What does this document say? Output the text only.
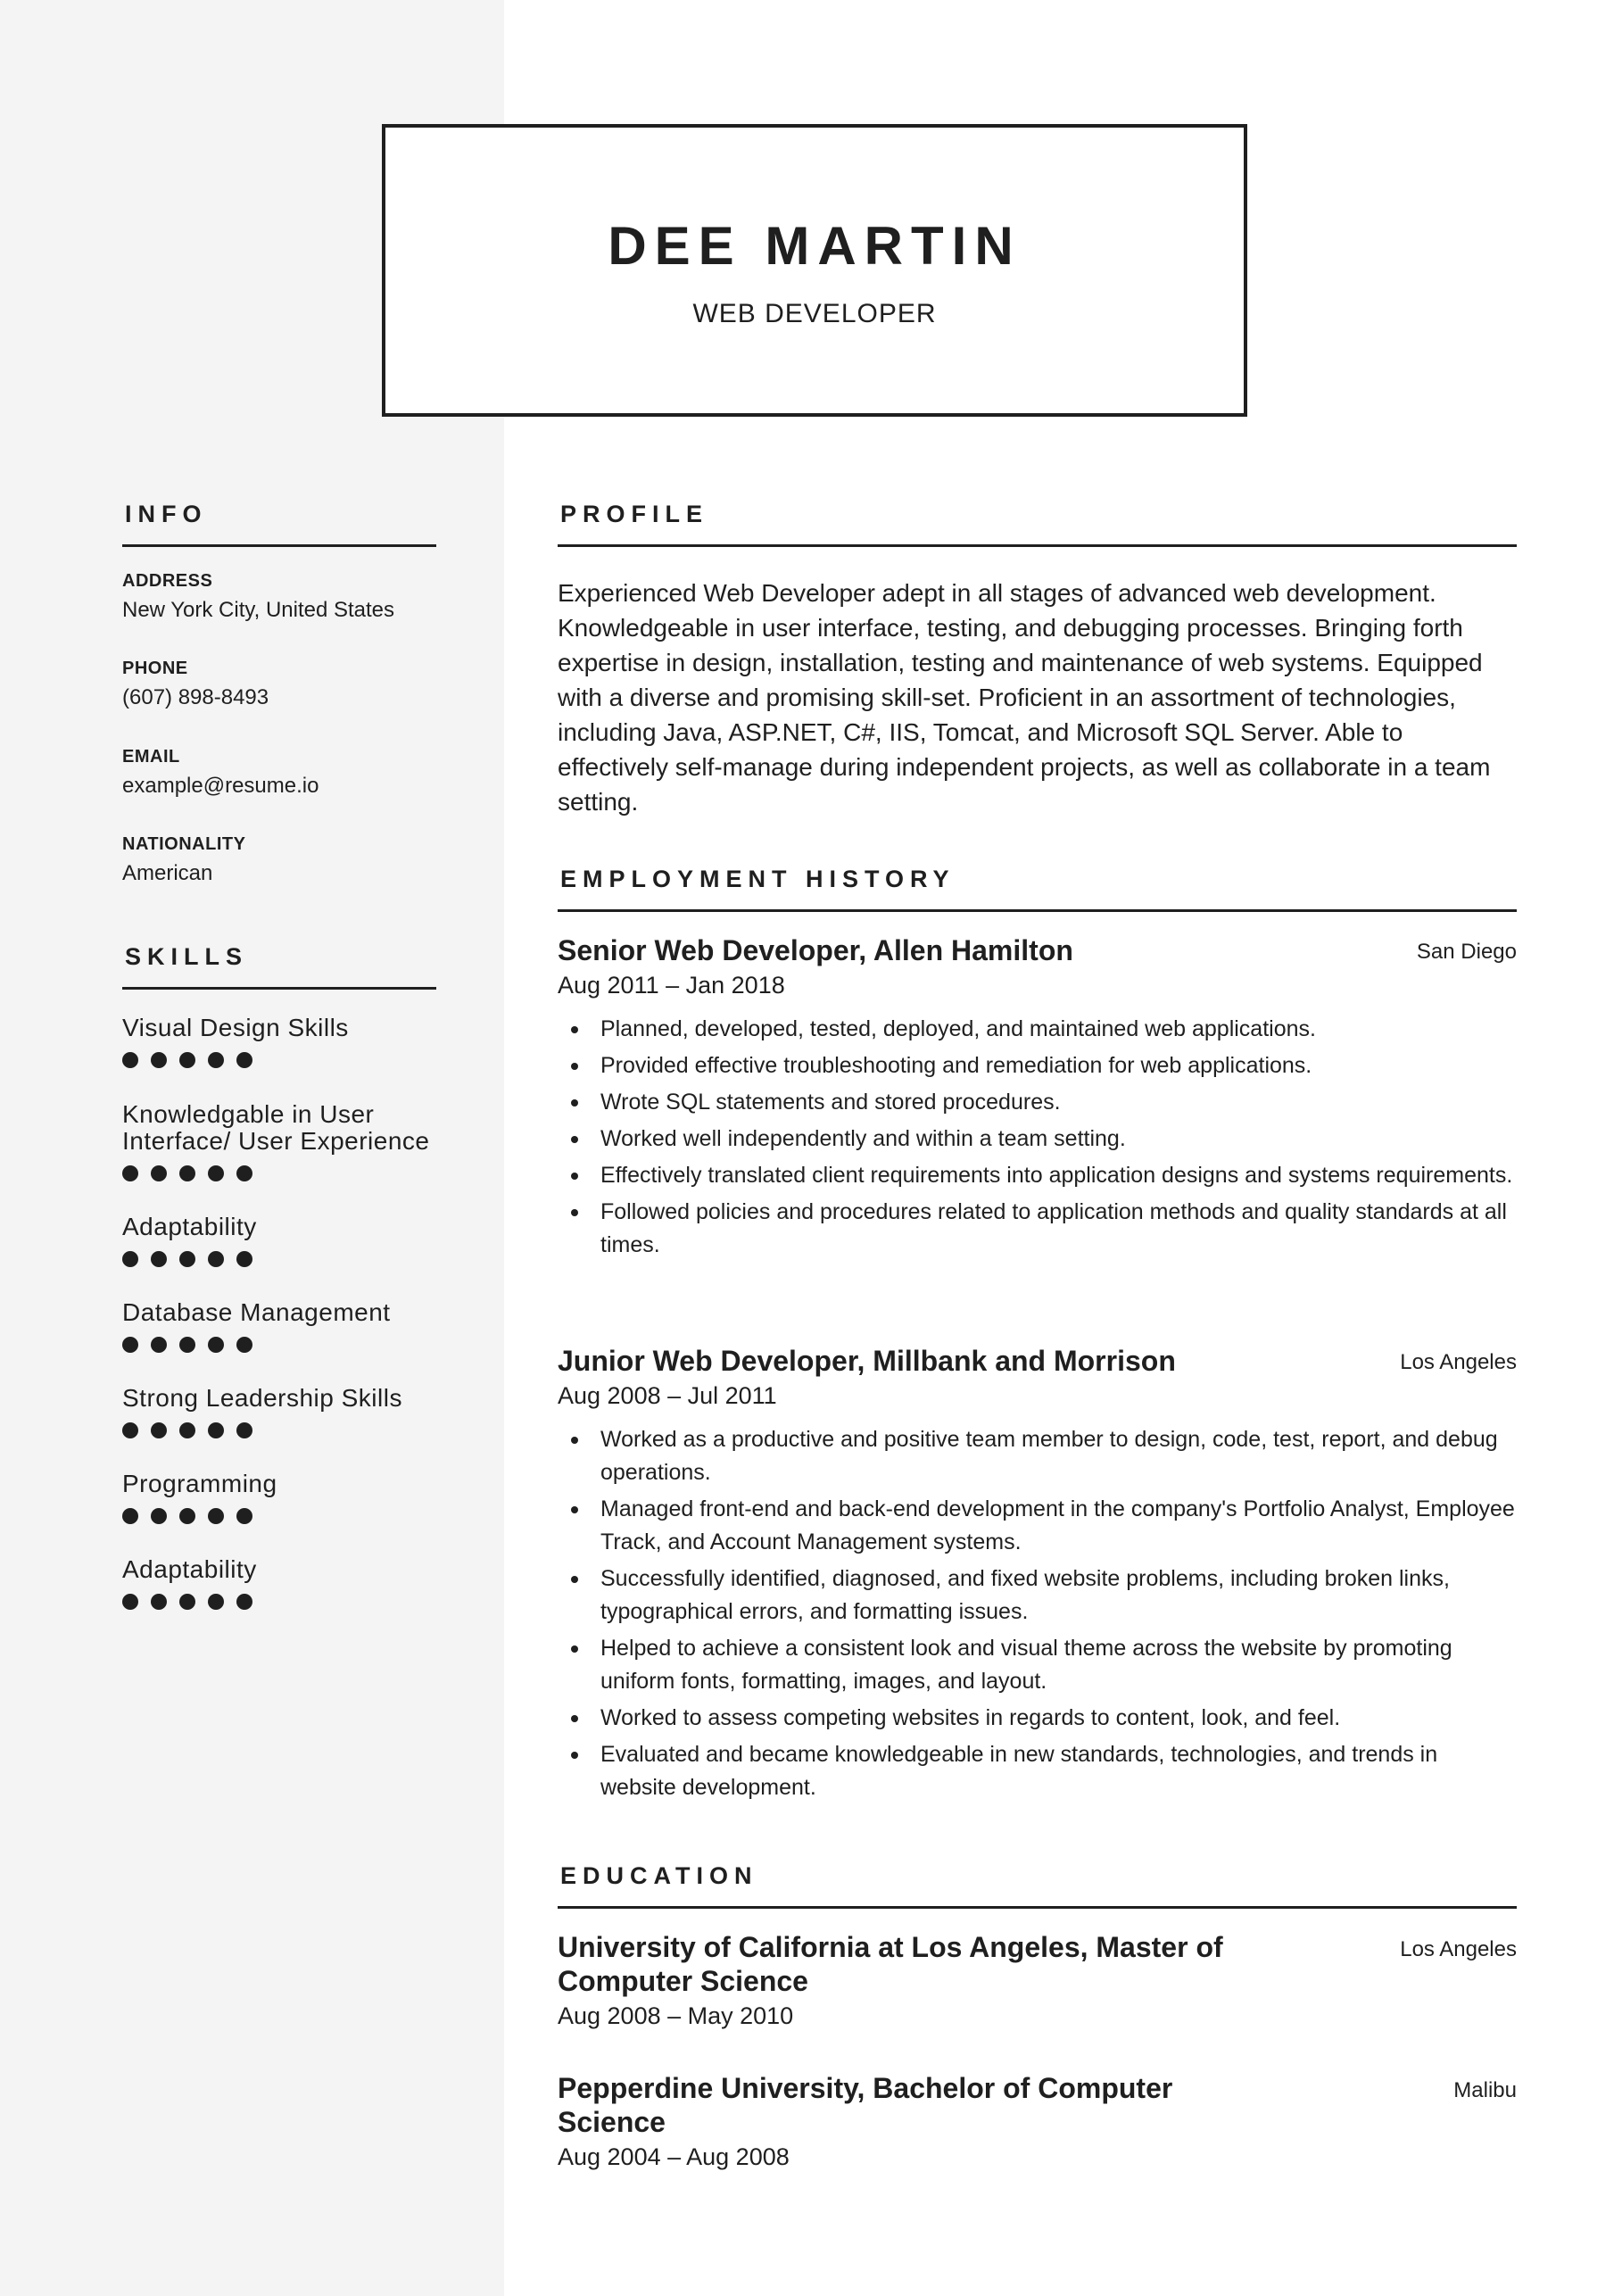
DEE MARTIN
WEB DEVELOPER
INFO
ADDRESS
New York City, United States
PHONE
(607) 898-8493
EMAIL
example@resume.io
NATIONALITY
American
SKILLS
Visual Design Skills
Knowledgable in User Interface/ User Experience
Adaptability
Database Management
Strong Leadership Skills
Programming
Adaptability
PROFILE
Experienced Web Developer adept in all stages of advanced web development. Knowledgeable in user interface, testing, and debugging processes. Bringing forth expertise in design, installation, testing and maintenance of web systems. Equipped with a diverse and promising skill-set. Proficient in an assortment of technologies, including Java, ASP.NET, C#, IIS, Tomcat, and Microsoft SQL Server. Able to effectively self-manage during independent projects, as well as collaborate in a team setting.
EMPLOYMENT HISTORY
Senior Web Developer, Allen Hamilton	San Diego
Aug 2011 – Jan 2018
Planned, developed, tested, deployed, and maintained web applications.
Provided effective troubleshooting and remediation for web applications.
Wrote SQL statements and stored procedures.
Worked well independently and within a team setting.
Effectively translated client requirements into application designs and systems requirements.
Followed policies and procedures related to application methods and quality standards at all times.
Junior Web Developer, Millbank and Morrison	Los Angeles
Aug 2008 – Jul 2011
Worked as a productive and positive team member to design, code, test, report, and debug operations.
Managed front-end and back-end development in the company's Portfolio Analyst, Employee Track, and Account Management systems.
Successfully identified, diagnosed, and fixed website problems, including broken links, typographical errors, and formatting issues.
Helped to achieve a consistent look and visual theme across the website by promoting uniform fonts, formatting, images, and layout.
Worked to assess competing websites in regards to content, look, and feel.
Evaluated and became knowledgeable in new standards, technologies, and trends in website development.
EDUCATION
University of California at Los Angeles, Master of Computer Science
Los Angeles
Aug 2008 – May 2010
Pepperdine University, Bachelor of Computer Science
Malibu
Aug 2004 – Aug 2008
